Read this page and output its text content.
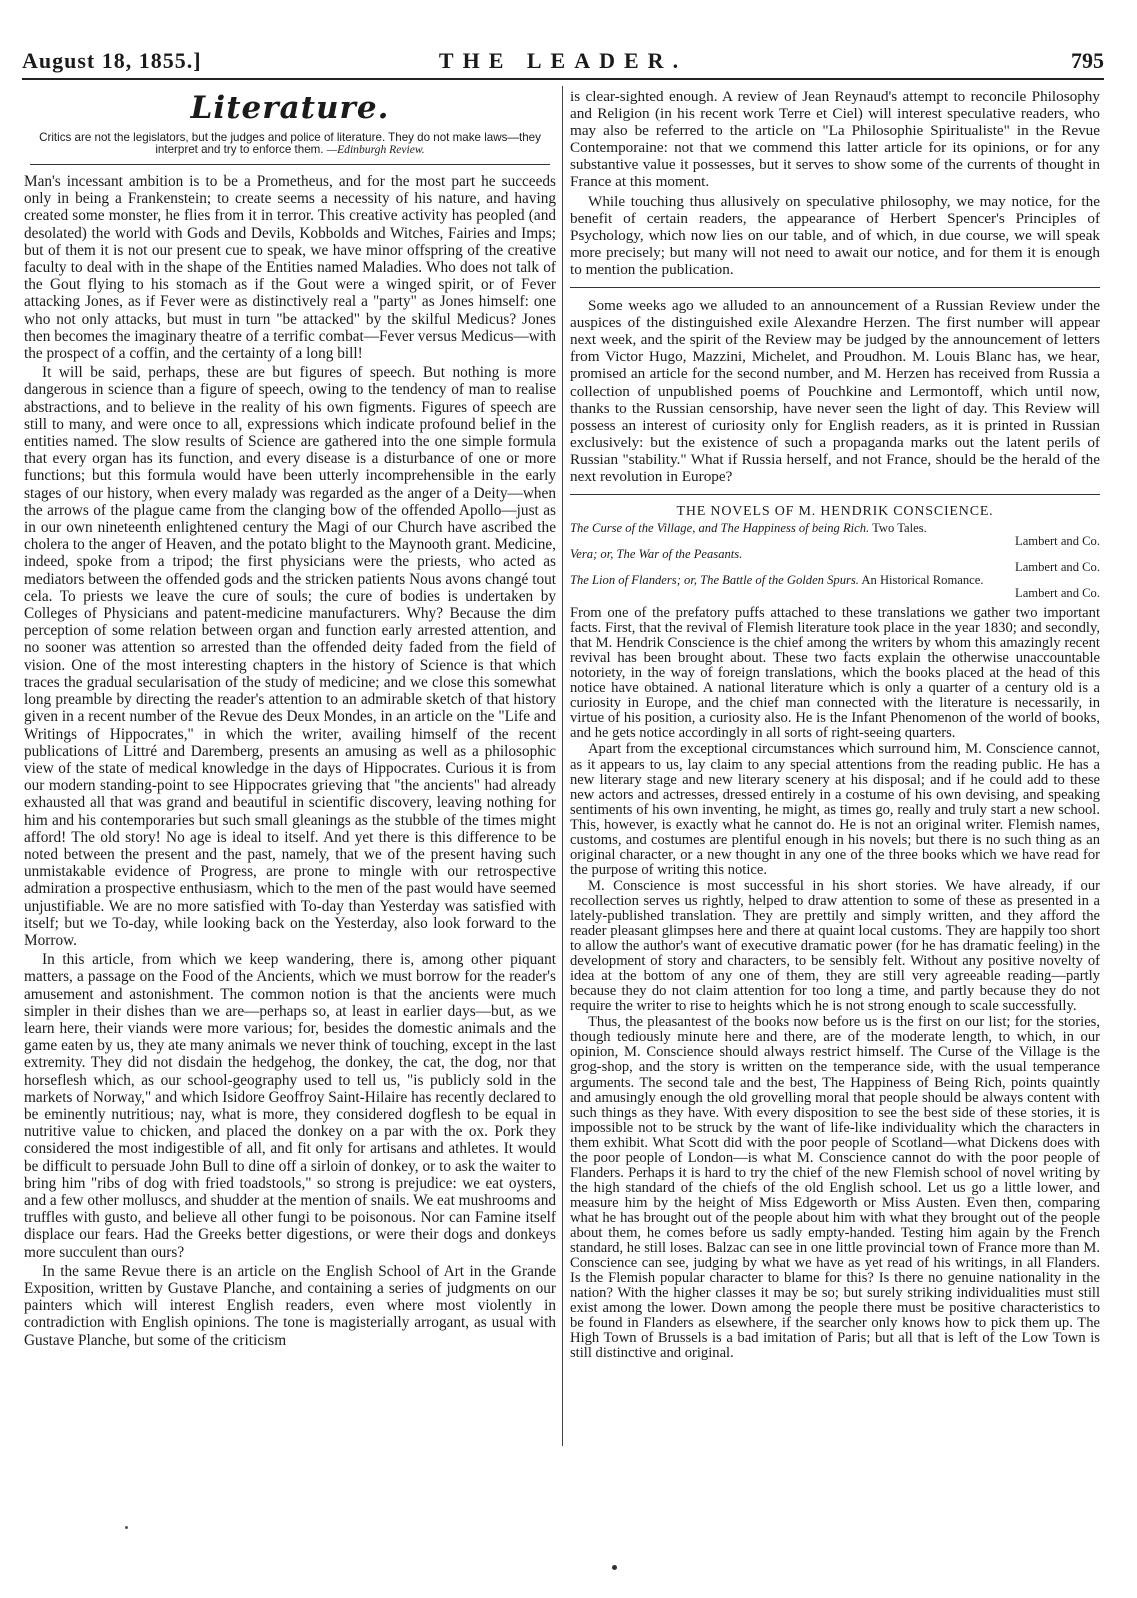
August 18, 1855.]	THE LEADER.	795
Literature.
Critics are not the legislators, but the judges and police of literature. They do not make laws—they interpret and try to enforce them. —Edinburgh Review.

Man's incessant ambition is to be a Prometheus, and for the most part he succeeds only in being a Frankenstein; to create seems a necessity of his nature, and having created some monster, he flies from it in terror. This creative activity has peopled (and desolated) the world with Gods and Devils, Kobbolds and Witches, Fairies and Imps; but of them it is not our present cue to speak, we have minor offspring of the creative faculty to deal with in the shape of the Entities named Maladies. Who does not talk of the Gout flying to his stomach as if the Gout were a winged spirit, or of Fever attacking Jones, as if Fever were as distinctively real a "party" as Jones himself: one who not only attacks, but must in turn "be attacked" by the skilful Medicus? Jones then becomes the imaginary theatre of a terrific combat—Fever versus Medicus—with the prospect of a coffin, and the certainty of a long bill!

It will be said, perhaps, these are but figures of speech. But nothing is more dangerous in science than a figure of speech, owing to the tendency of man to realise abstractions, and to believe in the reality of his own figments. Figures of speech are still to many, and were once to all, expressions which indicate profound belief in the entities named. The slow results of Science are gathered into the one simple formula that every organ has its function, and every disease is a disturbance of one or more functions; but this formula would have been utterly incomprehensible in the early stages of our history, when every malady was regarded as the anger of a Deity—when the arrows of the plague came from the clanging bow of the offended Apollo—just as in our own nineteenth enlightened century the Magi of our Church have ascribed the cholera to the anger of Heaven, and the potato blight to the Maynooth grant. Medicine, indeed, spoke from a tripod; the first physicians were the priests, who acted as mediators between the offended gods and the stricken patients Nous avons changé tout cela. To priests we leave the cure of souls; the cure of bodies is undertaken by Colleges of Physicians and patent-medicine manufacturers. Why? Because the dim perception of some relation between organ and function early arrested attention, and no sooner was attention so arrested than the offended deity faded from the field of vision. One of the most interesting chapters in the history of Science is that which traces the gradual secularisation of the study of medicine; and we close this somewhat long preamble by directing the reader's attention to an admirable sketch of that history given in a recent number of the Revue des Deux Mondes, in an article on the "Life and Writings of Hippocrates," in which the writer, availing himself of the recent publications of Littré and Daremberg, presents an amusing as well as a philosophic view of the state of medical knowledge in the days of Hippocrates. Curious it is from our modern standing-point to see Hippocrates grieving that "the ancients" had already exhausted all that was grand and beautiful in scientific discovery, leaving nothing for him and his contemporaries but such small gleanings as the stubble of the times might afford! The old story! No age is ideal to itself. And yet there is this difference to be noted between the present and the past, namely, that we of the present having such unmistakable evidence of Progress, are prone to mingle with our retrospective admiration a prospective enthusiasm, which to the men of the past would have seemed unjustifiable. We are no more satisfied with To-day than Yesterday was satisfied with itself; but we To-day, while looking back on the Yesterday, also look forward to the Morrow.

In this article, from which we keep wandering, there is, among other piquant matters, a passage on the Food of the Ancients, which we must borrow for the reader's amusement and astonishment. The common notion is that the ancients were much simpler in their dishes than we are—perhaps so, at least in earlier days—but, as we learn here, their viands were more various; for, besides the domestic animals and the game eaten by us, they ate many animals we never think of touching, except in the last extremity. They did not disdain the hedgehog, the donkey, the cat, the dog, nor that horseflesh which, as our school-geography used to tell us, "is publicly sold in the markets of Norway," and which Isidore Geoffroy Saint-Hilaire has recently declared to be eminently nutritious; nay, what is more, they considered dogflesh to be equal in nutritive value to chicken, and placed the donkey on a par with the ox. Pork they considered the most indigestible of all, and fit only for artisans and athletes. It would be difficult to persuade John Bull to dine off a sirloin of donkey, or to ask the waiter to bring him "ribs of dog with fried toadstools," so strong is prejudice: we eat oysters, and a few other molluscs, and shudder at the mention of snails. We eat mushrooms and truffles with gusto, and believe all other fungi to be poisonous. Nor can Famine itself displace our fears. Had the Greeks better digestions, or were their dogs and donkeys more succulent than ours?

In the same Revue there is an article on the English School of Art in the Grande Exposition, written by Gustave Planche, and containing a series of judgments on our painters which will interest English readers, even where most violently in contradiction with English opinions. The tone is magisterially arrogant, as usual with Gustave Planche, but some of the criticism

is clear-sighted enough. A review of Jean Reynaud's attempt to reconcile Philosophy and Religion (in his recent work Terre et Ciel) will interest speculative readers, who may also be referred to the article on "La Philosophie Spiritualiste" in the Revue Contemporaine: not that we commend this latter article for its opinions, or for any substantive value it possesses, but it serves to show some of the currents of thought in France at this moment.

While touching thus allusively on speculative philosophy, we may notice, for the benefit of certain readers, the appearance of Herbert Spencer's Principles of Psychology, which now lies on our table, and of which, in due course, we will speak more precisely; but many will not need to await our notice, and for them it is enough to mention the publication.

Some weeks ago we alluded to an announcement of a Russian Review under the auspices of the distinguished exile Alexandre Herzen. The first number will appear next week, and the spirit of the Review may be judged by the announcement of letters from Victor Hugo, Mazzini, Michelet, and Proudhon. M. Louis Blanc has, we hear, promised an article for the second number, and M. Herzen has received from Russia a collection of unpublished poems of Pouchkine and Lermontoff, which until now, thanks to the Russian censorship, have never seen the light of day. This Review will possess an interest of curiosity only for English readers, as it is printed in Russian exclusively: but the existence of such a propaganda marks out the latent perils of Russian "stability." What if Russia herself, and not France, should be the herald of the next revolution in Europe?

THE NOVELS OF M. HENDRIK CONSCIENCE.
The Curse of the Village, and The Happiness of being Rich. Two Tales.
Lambert and Co.
Vera; or, The War of the Peasants.
Lambert and Co.
The Lion of Flanders; or, The Battle of the Golden Spurs. An Historical Romance.
Lambert and Co.

From one of the prefatory puffs attached to these translations we gather two important facts. First, that the revival of Flemish literature took place in the year 1830; and secondly, that M. Hendrik Conscience is the chief among the writers by whom this amazingly recent revival has been brought about. These two facts explain the otherwise unaccountable notoriety, in the way of foreign translations, which the books placed at the head of this notice have obtained. A national literature which is only a quarter of a century old is a curiosity in Europe, and the chief man connected with the literature is necessarily, in virtue of his position, a curiosity also. He is the Infant Phenomenon of the world of books, and he gets notice accordingly in all sorts of right-seeing quarters.

Apart from the exceptional circumstances which surround him, M. Conscience cannot, as it appears to us, lay claim to any special attentions from the reading public. He has a new literary stage and new literary scenery at his disposal; and if he could add to these new actors and actresses, dressed entirely in a costume of his own devising, and speaking sentiments of his own inventing, he might, as times go, really and truly start a new school. This, however, is exactly what he cannot do. He is not an original writer. Flemish names, customs, and costumes are plentiful enough in his novels; but there is no such thing as an original character, or a new thought in any one of the three books which we have read for the purpose of writing this notice.

M. Conscience is most successful in his short stories. We have already, if our recollection serves us rightly, helped to draw attention to some of these as presented in a lately-published translation. They are prettily and simply written, and they afford the reader pleasant glimpses here and there at quaint local customs. They are happily too short to allow the author's want of executive dramatic power (for he has dramatic feeling) in the development of story and characters, to be sensibly felt. Without any positive novelty of idea at the bottom of any one of them, they are still very agreeable reading—partly because they do not claim attention for too long a time, and partly because they do not require the writer to rise to heights which he is not strong enough to scale successfully.

Thus, the pleasantest of the books now before us is the first on our list; for the stories, though tediously minute here and there, are of the moderate length, to which, in our opinion, M. Conscience should always restrict himself. The Curse of the Village is the grog-shop, and the story is written on the temperance side, with the usual temperance arguments. The second tale and the best, The Happiness of Being Rich, points quaintly and amusingly enough the old grovelling moral that people should be always content with such things as they have. With every disposition to see the best side of these stories, it is impossible not to be struck by the want of life-like individuality which the characters in them exhibit. What Scott did with the poor people of Scotland—what Dickens does with the poor people of London—is what M. Conscience cannot do with the poor people of Flanders. Perhaps it is hard to try the chief of the new Flemish school of novel writing by the high standard of the chiefs of the old English school. Let us go a little lower, and measure him by the height of Miss Edgeworth or Miss Austen. Even then, comparing what he has brought out of the people about him with what they brought out of the people about them, he comes before us sadly empty-handed. Testing him again by the French standard, he still loses. Balzac can see in one little provincial town of France more than M. Conscience can see, judging by what we have as yet read of his writings, in all Flanders. Is the Flemish popular character to blame for this? Is there no genuine nationality in the nation? With the higher classes it may be so; but surely striking individualities must still exist among the lower. Down among the people there must be positive characteristics to be found in Flanders as elsewhere, if the searcher only knows how to pick them up. The High Town of Brussels is a bad imitation of Paris; but all that is left of the Low Town is still distinctive and original.
